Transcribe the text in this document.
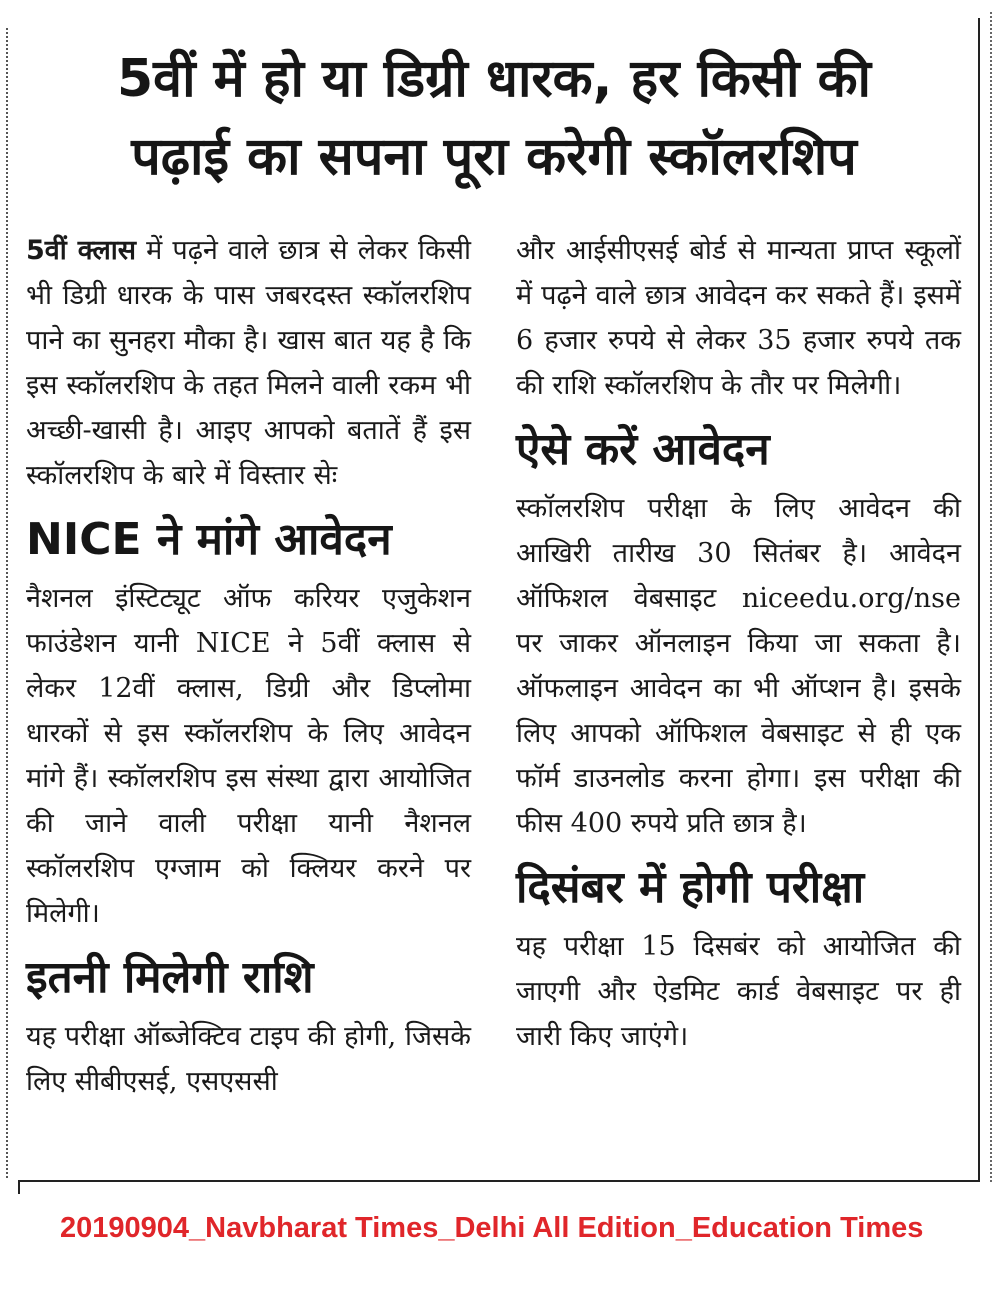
5वीं में हो या डिग्री धारक, हर किसी की
पढ़ाई का सपना पूरा करेगी स्कॉलरशिप

5वीं क्लास में पढ़ने वाले छात्र से लेकर किसी भी डिग्री धारक के पास जबरदस्त स्कॉलरशिप पाने का सुनहरा मौका है। खास बात यह है कि इस स्कॉलरशिप के तहत मिलने वाली रकम भी अच्छी-खासी है। आइए आपको बतातें हैं इस स्कॉलरशिप के बारे में विस्तार सेः

NICE ने मांगे आवेदन

नैशनल इंस्टिट्यूट ऑफ करियर एजुकेशन फाउंडेशन यानी NICE ने 5वीं क्लास से लेकर 12वीं क्लास, डिग्री और डिप्लोमा धारकों से इस स्कॉलरशिप के लिए आवेदन मांगे हैं। स्कॉलरशिप इस संस्था द्वारा आयोजित की जाने वाली परीक्षा यानी नैशनल स्कॉलरशिप एग्जाम को क्लियर करने पर मिलेगी।

इतनी मिलेगी राशि

यह परीक्षा ऑब्जेक्टिव टाइप की होगी, जिसके लिए सीबीएसई, एसएससी

और आईसीएसई बोर्ड से मान्यता प्राप्त स्कूलों में पढ़ने वाले छात्र आवेदन कर सकते हैं। इसमें 6 हजार रुपये से लेकर 35 हजार रुपये तक की राशि स्कॉलरशिप के तौर पर मिलेगी।

ऐसे करें आवेदन

स्कॉलरशिप परीक्षा के लिए आवेदन की आखिरी तारीख 30 सितंबर है। आवेदन ऑफिशल वेबसाइट niceedu.org/nse पर जाकर ऑनलाइन किया जा सकता है। ऑफलाइन आवेदन का भी ऑप्शन है। इसके लिए आपको ऑफिशल वेबसाइट से ही एक फॉर्म डाउनलोड करना होगा। इस परीक्षा की फीस 400 रुपये प्रति छात्र है।

दिसंबर में होगी परीक्षा

यह परीक्षा 15 दिसबंर को आयोजित की जाएगी और ऐडमिट कार्ड वेबसाइट पर ही जारी किए जाएंगे।

20190904_Navbharat Times_Delhi All Edition_Education Times
